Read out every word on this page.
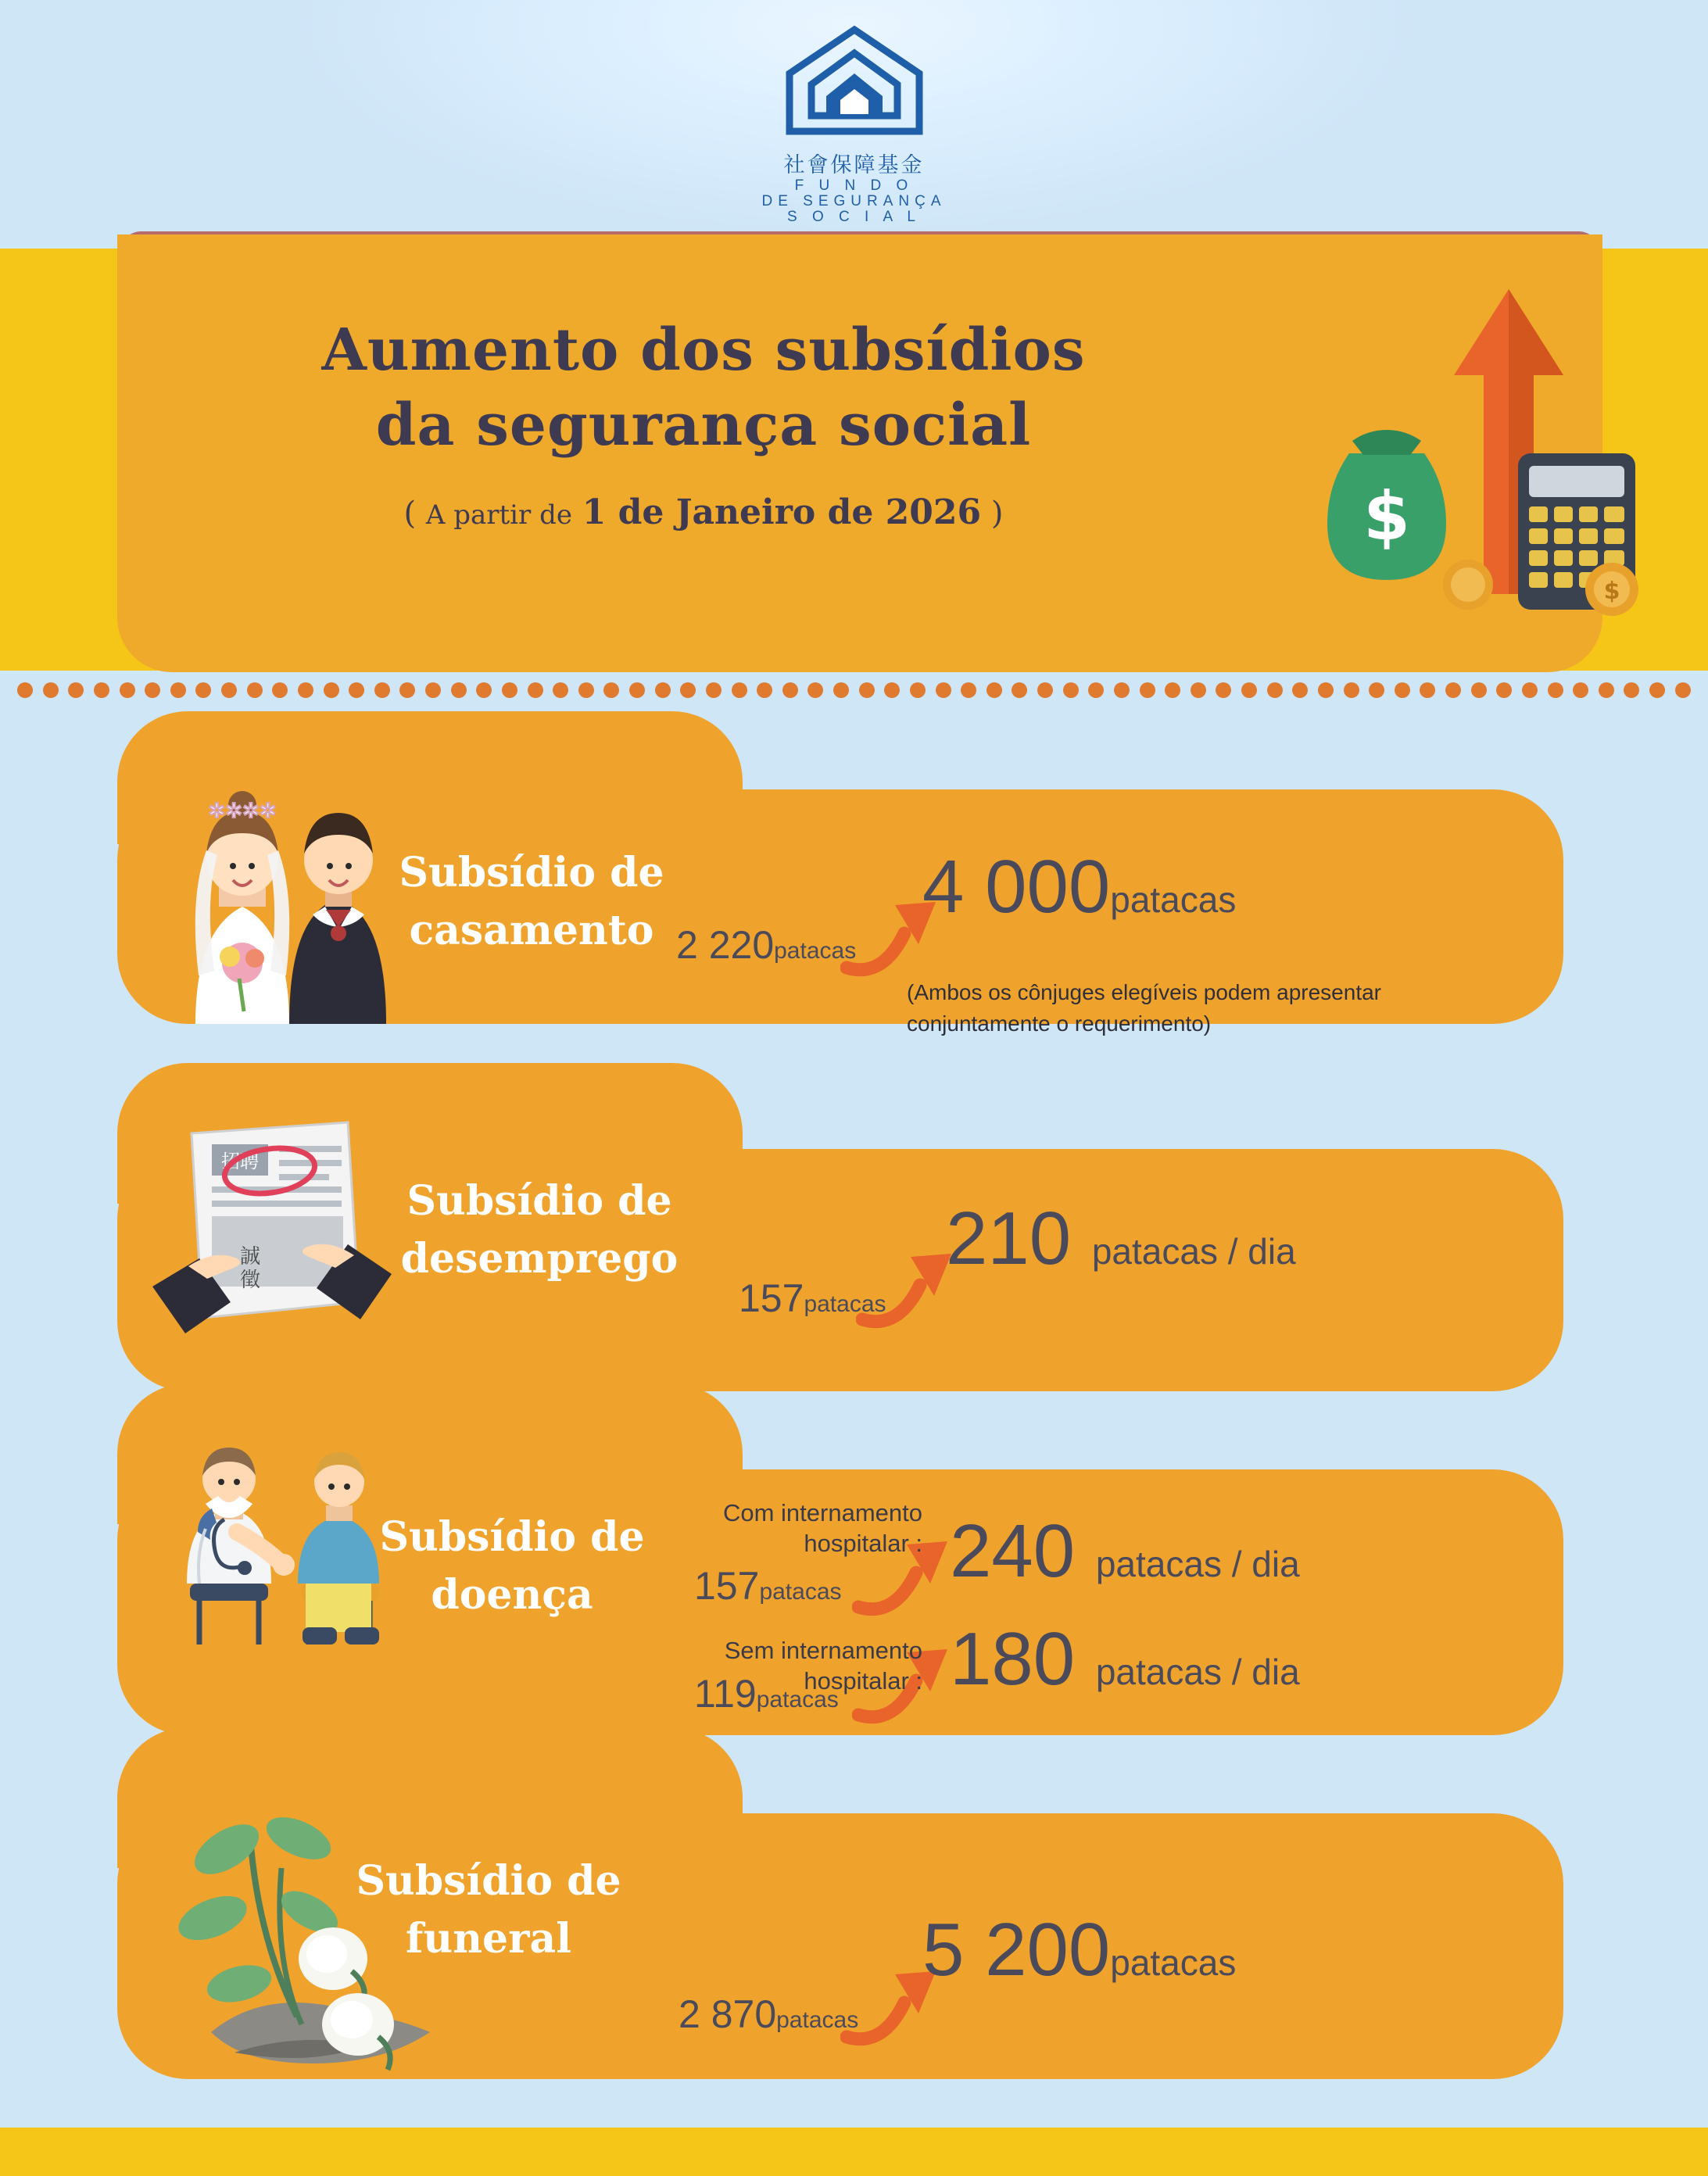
社會保障基金
F U N D O
DE SEGURANÇA
S O C I A L
$
$
Aumento dos subsídios
da segurança social
( A partir de 1 de Janeiro de 2026 )
✲✲✲✲
Subsídio de
casamento 2 220patacas
4 000patacas
(Ambos os cônjuges elegíveis podem apresentar
conjuntamente o requerimento)
招聘
誠
徵
Subsídio de
desemprego
157patacas
210 patacas / dia
Subsídio de
doença
Com internamento
hospitalar :
157patacas 240 patacas / dia
Sem internamento
hospitalar :
119patacas 180 patacas / dia
Subsídio de
funeral
2 870patacas
5 200patacas
